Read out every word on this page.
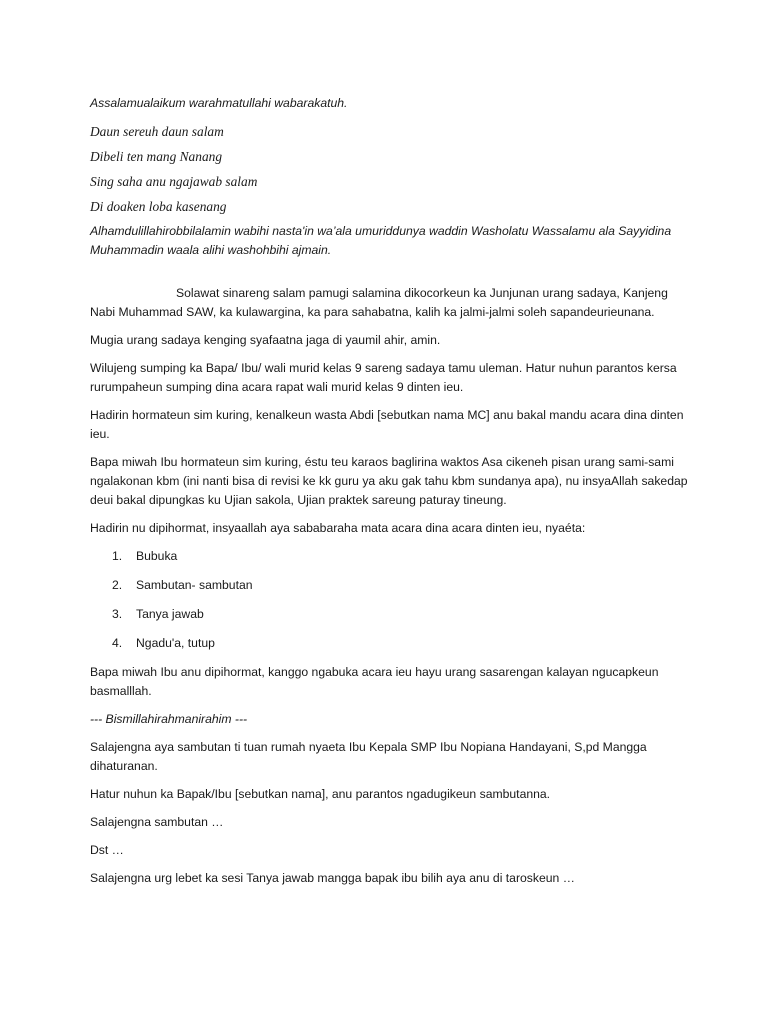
Assalamualaikum warahmatullahi wabarakatuh.

Daun sereuh daun salam

Dibeli ten mang Nanang

Sing saha anu ngajawab salam

Di doaken loba kasenang

Alhamdulillahirobbilalamin wabihi nasta'in wa’ala umuriddunya waddin Washolatu Wassalamu ala Sayyidina Muhammadin waala alihi washohbihi ajmain.

Solawat sinareng salam pamugi salamina dikocorkeun ka Junjunan urang sadaya, Kanjeng Nabi Muhammad SAW, ka kulawargina, ka para sahabatna, kalih ka jalmi-jalmi soleh sapandeurieunana.

Mugia urang sadaya kenging syafaatna jaga di yaumil ahir, amin.

Wilujeng sumping ka Bapa/ Ibu/ wali murid kelas 9 sareng sadaya tamu uleman. Hatur nuhun parantos kersa rurumpaheun sumping dina acara rapat wali murid kelas 9 dinten ieu.

Hadirin hormateun sim kuring, kenalkeun wasta Abdi [sebutkan nama MC] anu bakal mandu acara dina dinten ieu.

Bapa miwah Ibu hormateun sim kuring, éstu teu karaos baglirina waktos Asa cikeneh pisan urang sami-sami ngalakonan kbm (ini nanti bisa di revisi ke kk guru ya aku gak tahu kbm sundanya apa), nu insyaAllah sakedap deui bakal dipungkas ku Ujian sakola, Ujian praktek sareung paturay tineung.

Hadirin nu dipihormat, insyaallah aya sababaraha mata acara dina acara dinten ieu, nyaéta:

1.	Bubuka
2.	Sambutan- sambutan
3.	Tanya jawab
4.	Ngadu'a, tutup

Bapa miwah Ibu anu dipihormat, kanggo ngabuka acara ieu hayu urang sasarengan kalayan ngucapkeun basmalllah.

--- Bismillahirahmanirahim ---

Salajengna aya sambutan ti tuan rumah nyaeta Ibu Kepala SMP Ibu Nopiana Handayani, S,pd Mangga dihaturanan.

Hatur nuhun ka Bapak/Ibu [sebutkan nama], anu parantos ngadugikeun sambutanna.

Salajengna sambutan …

Dst …

Salajengna urg lebet ka sesi Tanya jawab mangga bapak ibu bilih aya anu di taroskeun …
